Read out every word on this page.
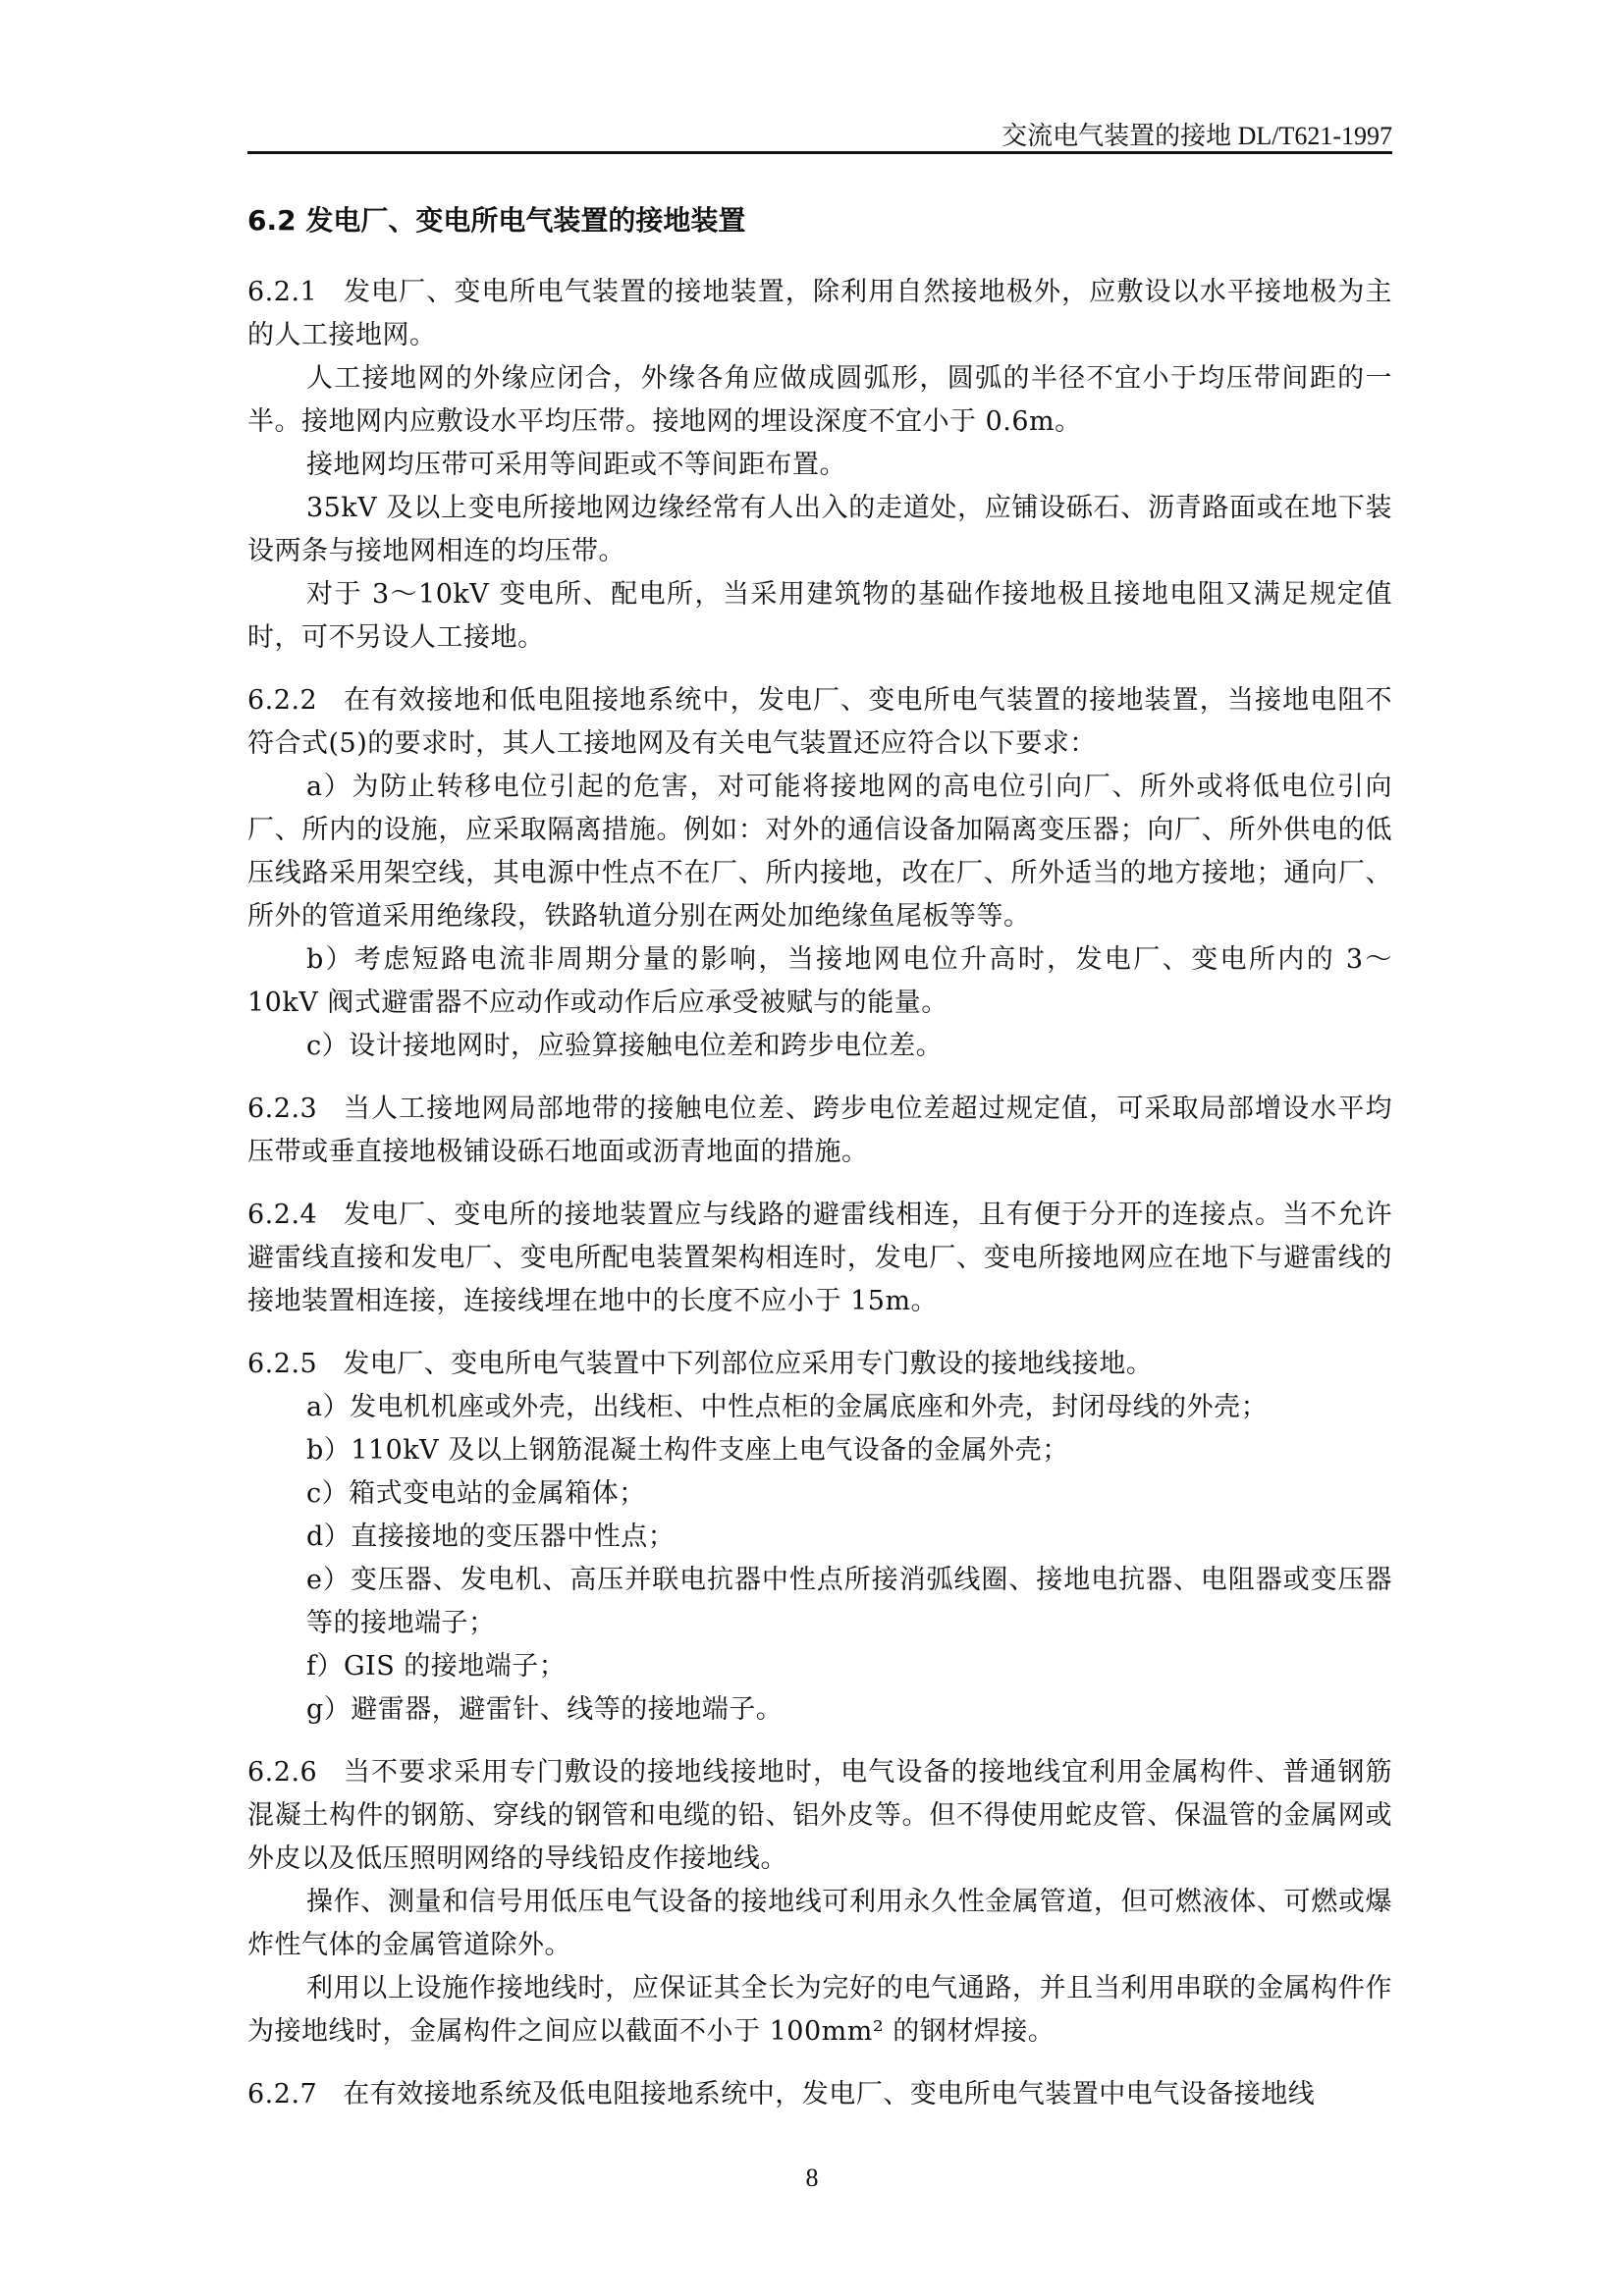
交流电气装置的接地 DL/T621-1997
6.2 发电厂、变电所电气装置的接地装置

6.2.1 发电厂、变电所电气装置的接地装置，除利用自然接地极外，应敷设以水平接地极为主的人工接地网。

人工接地网的外缘应闭合，外缘各角应做成圆弧形，圆弧的半径不宜小于均压带间距的一半。接地网内应敷设水平均压带。接地网的埋设深度不宜小于 0.6m。

接地网均压带可采用等间距或不等间距布置。

35kV 及以上变电所接地网边缘经常有人出入的走道处，应铺设砾石、沥青路面或在地下装设两条与接地网相连的均压带。

对于 3～10kV 变电所、配电所，当采用建筑物的基础作接地极且接地电阻又满足规定值时，可不另设人工接地。

6.2.2 在有效接地和低电阻接地系统中，发电厂、变电所电气装置的接地装置，当接地电阻不符合式(5)的要求时，其人工接地网及有关电气装置还应符合以下要求：

a）为防止转移电位引起的危害，对可能将接地网的高电位引向厂、所外或将低电位引向厂、所内的设施，应采取隔离措施。例如：对外的通信设备加隔离变压器；向厂、所外供电的低压线路采用架空线，其电源中性点不在厂、所内接地，改在厂、所外适当的地方接地；通向厂、所外的管道采用绝缘段，铁路轨道分别在两处加绝缘鱼尾板等等。

b）考虑短路电流非周期分量的影响，当接地网电位升高时，发电厂、变电所内的 3～10kV 阀式避雷器不应动作或动作后应承受被赋与的能量。

c）设计接地网时，应验算接触电位差和跨步电位差。

6.2.3 当人工接地网局部地带的接触电位差、跨步电位差超过规定值，可采取局部增设水平均压带或垂直接地极铺设砾石地面或沥青地面的措施。

6.2.4 发电厂、变电所的接地装置应与线路的避雷线相连，且有便于分开的连接点。当不允许避雷线直接和发电厂、变电所配电装置架构相连时，发电厂、变电所接地网应在地下与避雷线的接地装置相连接，连接线埋在地中的长度不应小于 15m。

6.2.5 发电厂、变电所电气装置中下列部位应采用专门敷设的接地线接地。

a）发电机机座或外壳，出线柜、中性点柜的金属底座和外壳，封闭母线的外壳；

b）110kV 及以上钢筋混凝土构件支座上电气设备的金属外壳；

c）箱式变电站的金属箱体；

d）直接接地的变压器中性点；

e）变压器、发电机、高压并联电抗器中性点所接消弧线圈、接地电抗器、电阻器或变压器等的接地端子；

f）GIS 的接地端子；

g）避雷器，避雷针、线等的接地端子。

6.2.6 当不要求采用专门敷设的接地线接地时，电气设备的接地线宜利用金属构件、普通钢筋混凝土构件的钢筋、穿线的钢管和电缆的铅、铝外皮等。但不得使用蛇皮管、保温管的金属网或外皮以及低压照明网络的导线铅皮作接地线。

操作、测量和信号用低压电气设备的接地线可利用永久性金属管道，但可燃液体、可燃或爆炸性气体的金属管道除外。

利用以上设施作接地线时，应保证其全长为完好的电气通路，并且当利用串联的金属构件作为接地线时，金属构件之间应以截面不小于 100mm² 的钢材焊接。

6.2.7 在有效接地系统及低电阻接地系统中，发电厂、变电所电气装置中电气设备接地线

8
